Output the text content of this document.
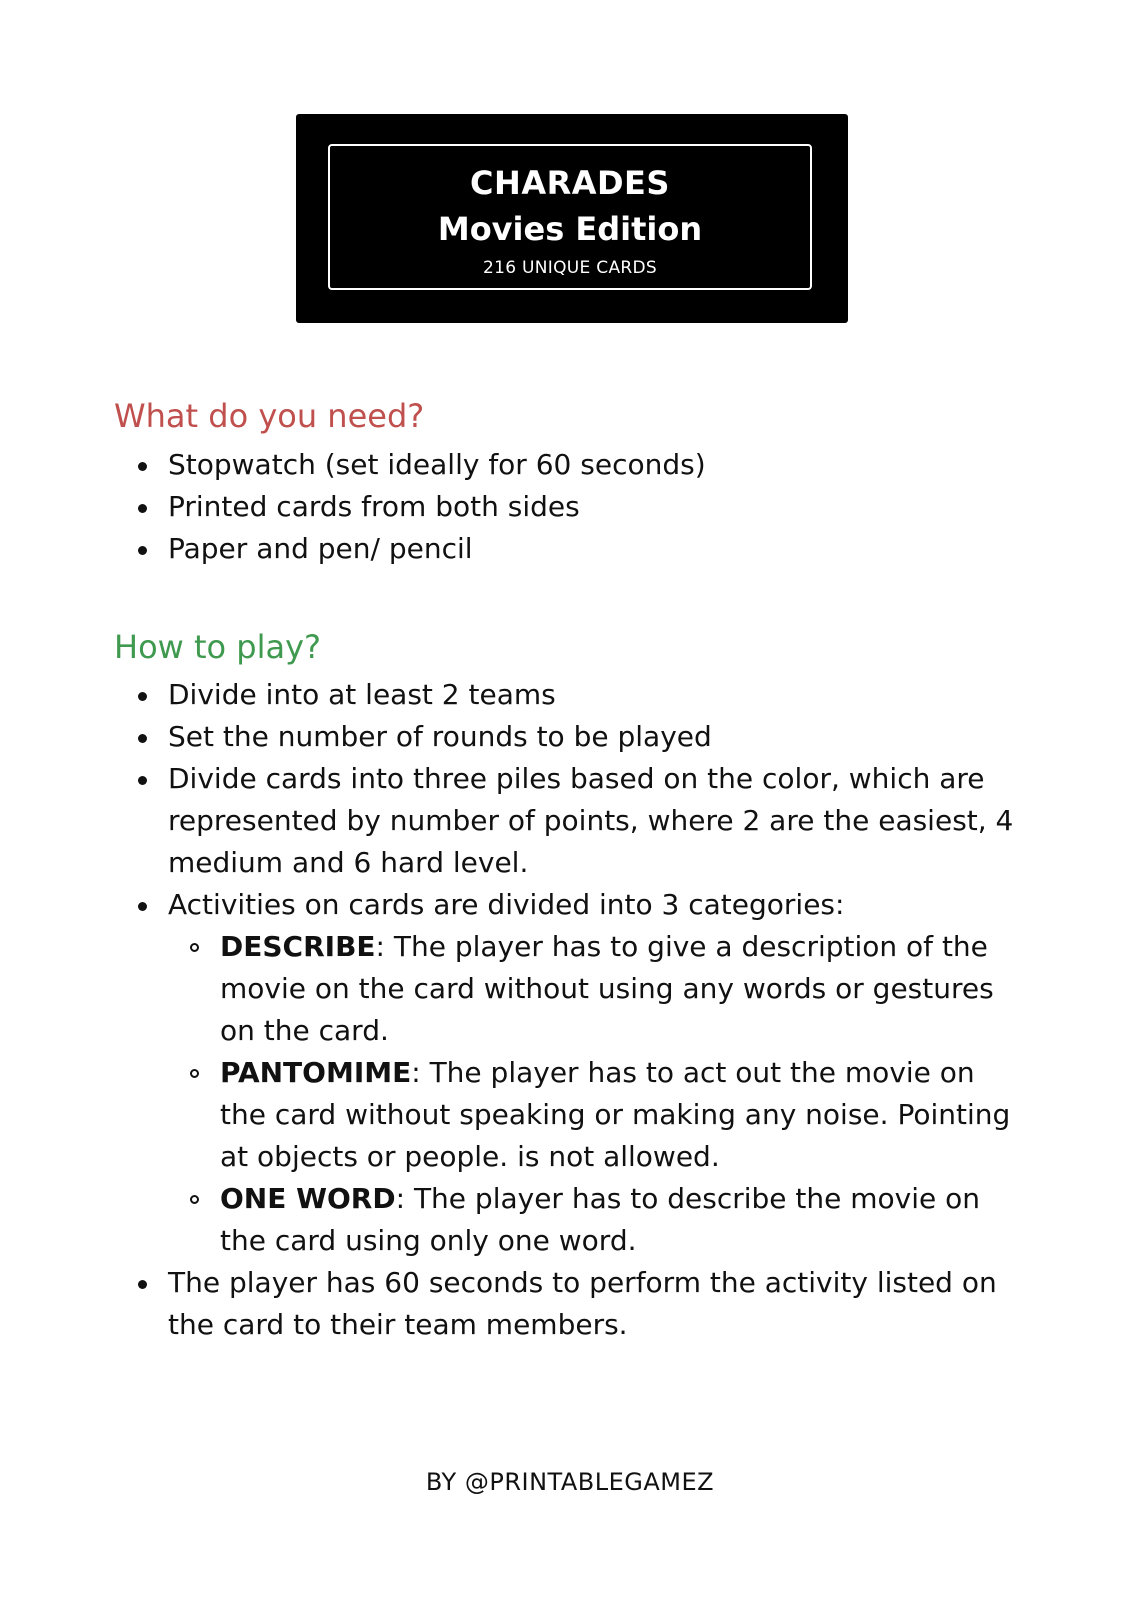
CHARADES
Movies Edition
216 UNIQUE CARDS
What do you need?
Stopwatch (set ideally for 60 seconds)
Printed cards from both sides
Paper and pen/ pencil
How to play?
Divide into at least 2 teams
Set the number of rounds to be played
Divide cards into three piles based on the color, which are represented by number of points, where 2 are the easiest, 4 medium and 6 hard level.
Activities on cards are divided into 3 categories:
DESCRIBE: The player has to give a description of the movie on the card without using any words or gestures on the card.
PANTOMIME: The player has to act out the movie on the card without speaking or making any noise. Pointing at objects or people. is not allowed.
ONE WORD: The player has to describe the movie on the card using only one word.
The player has 60 seconds to perform the activity listed on the card to their team members.
BY @PRINTABLEGAMEZ
